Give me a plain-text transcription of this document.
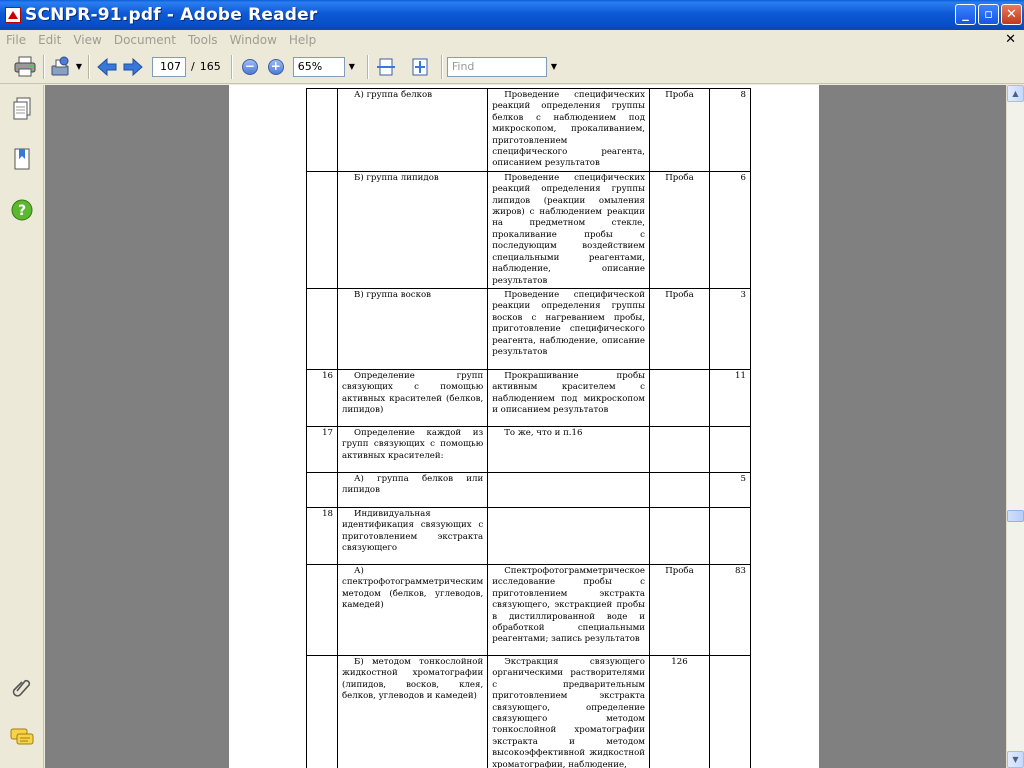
SCNPR-91.pdf - Adobe Reader	_	▫	✕
File	Edit	View	Document	Tools	Window	Help	✕
▼	107 / 165 − +	65%	▼	Find	▼
?
	А) группа белков	Проведение специфических реакций определения группы белков с наблюдением под микроскопом, прокаливанием, приготовлением специфического реагента, описанием результатов	Проба	8
	Б) группа липидов	Проведение специфических реакций определения группы липидов (реакции омыления жиров) с наблюдением реакции на предметном стекле, прокаливание пробы с последующим воздействием специальными реагентами, наблюдение, описание результатов	Проба	6
	В) группа восков	Проведение специфической реакции определения группы восков с нагреванием пробы, приготовление специфического реагента, наблюдение, описание результатов	Проба	3
16	Определение групп связующих с помощью активных красителей (белков, липидов)	Прокрашивание пробы активным красителем с наблюдением под микроскопом и описанием результатов		11
17	Определение каждой из групп связующих с помощью активных красителей:	То же, что и п.16		
	А) группа белков или липидов			5
18	Индивидуальная идентификация связующих с приготовлением экстракта связующего			
	А) спектрофотограмметрическим методом (белков, углеводов, камедей)	Спектрофотограмметрическое исследование пробы с приготовлением экстракта связующего, экстракцией пробы в дистиллированной воде и обработкой специальными реагентами; запись результатов	Проба	83
	Б) методом тонкослойной жидкостной хроматографии (липидов, восков, клея, белков, углеводов и камедей)	Экстракция связующего органическими растворителями с предварительным приготовлением экстракта связующего, определение связующего методом тонкослойной хроматографии экстракта и методом высокоэффективной жидкостной хроматографии, наблюдение,	126	
▲
▼
